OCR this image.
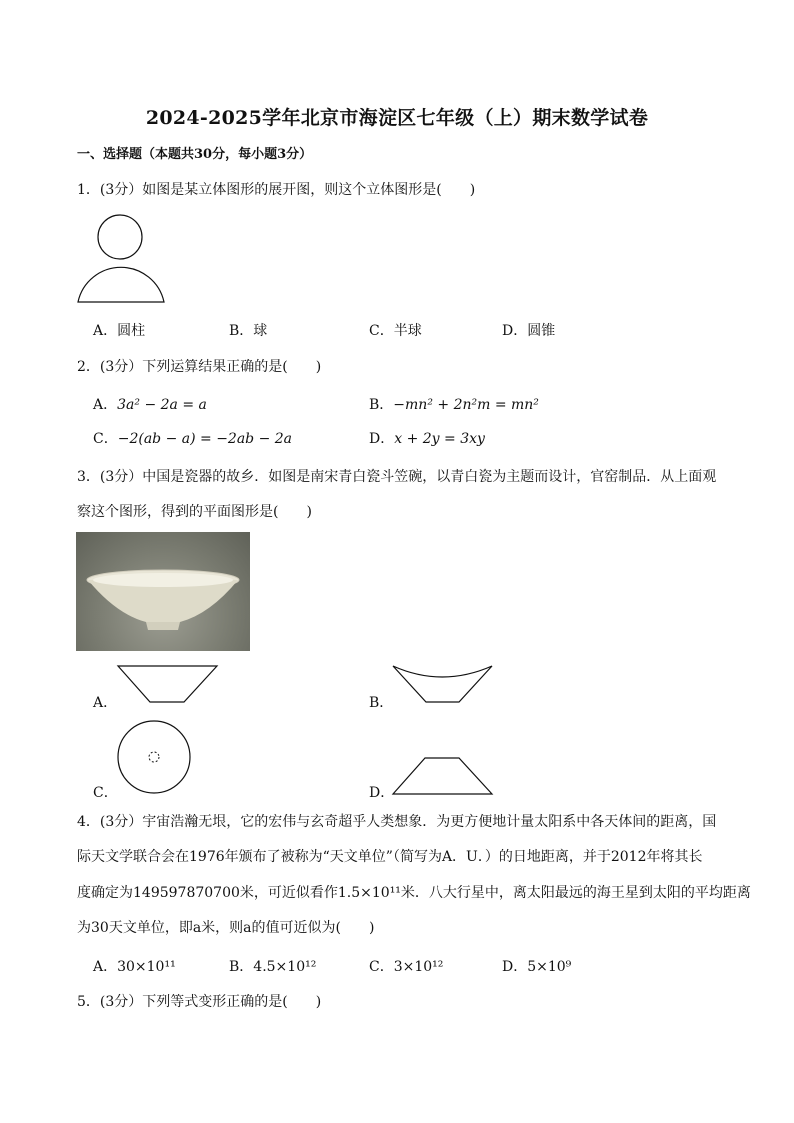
2024-2025学年北京市海淀区七年级（上）期末数学试卷
一、选择题（本题共30分，每小题3分）
1．(3分）如图是某立体图形的展开图，则这个立体图形是(　　)
A．圆柱	B．球	C．半球	D．圆锥
2．(3分）下列运算结果正确的是(　　)
A．3a² − 2a = a	B．−mn² + 2n²m = mn²
C．−2(ab − a) = −2ab − 2a	D．x + 2y = 3xy
3．(3分）中国是瓷器的故乡．如图是南宋青白瓷斗笠碗，以青白瓷为主题而设计，官窑制品．从上面观
察这个图形，得到的平面图形是(　　)
A．	B．
C．	D．
4．(3分）宇宙浩瀚无垠，它的宏伟与玄奇超乎人类想象．为更方便地计量太阳系中各天体间的距离，国
际天文学联合会在1976年颁布了被称为“天文单位”（简写为A．U．）的日地距离，并于2012年将其长
度确定为149597870700米，可近似看作1.5×10¹¹米．八大行星中，离太阳最远的海王星到太阳的平均距离
为30天文单位，即a米，则a的值可近似为(　　)
A．30×10¹¹	B．4.5×10¹²	C．3×10¹²	D．5×10⁹
5．(3分）下列等式变形正确的是(　　)
